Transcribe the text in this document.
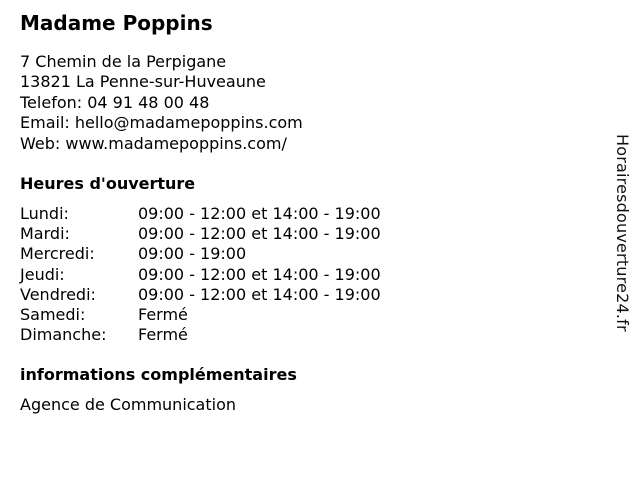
Madame Poppins
7 Chemin de la Perpigane
13821 La Penne-sur-Huveaune
Telefon: 04 91 48 00 48
Email: hello@madamepoppins.com
Web: www.madamepoppins.com/
Heures d'ouverture
Lundi:	09:00 - 12:00 et 14:00 - 19:00
Mardi:	09:00 - 12:00 et 14:00 - 19:00
Mercredi:	09:00 - 19:00
Jeudi:	09:00 - 12:00 et 14:00 - 19:00
Vendredi:	09:00 - 12:00 et 14:00 - 19:00
Samedi:	Fermé
Dimanche:	Fermé
informations complémentaires
Agence de Communication
Horairesdouverture24.fr
